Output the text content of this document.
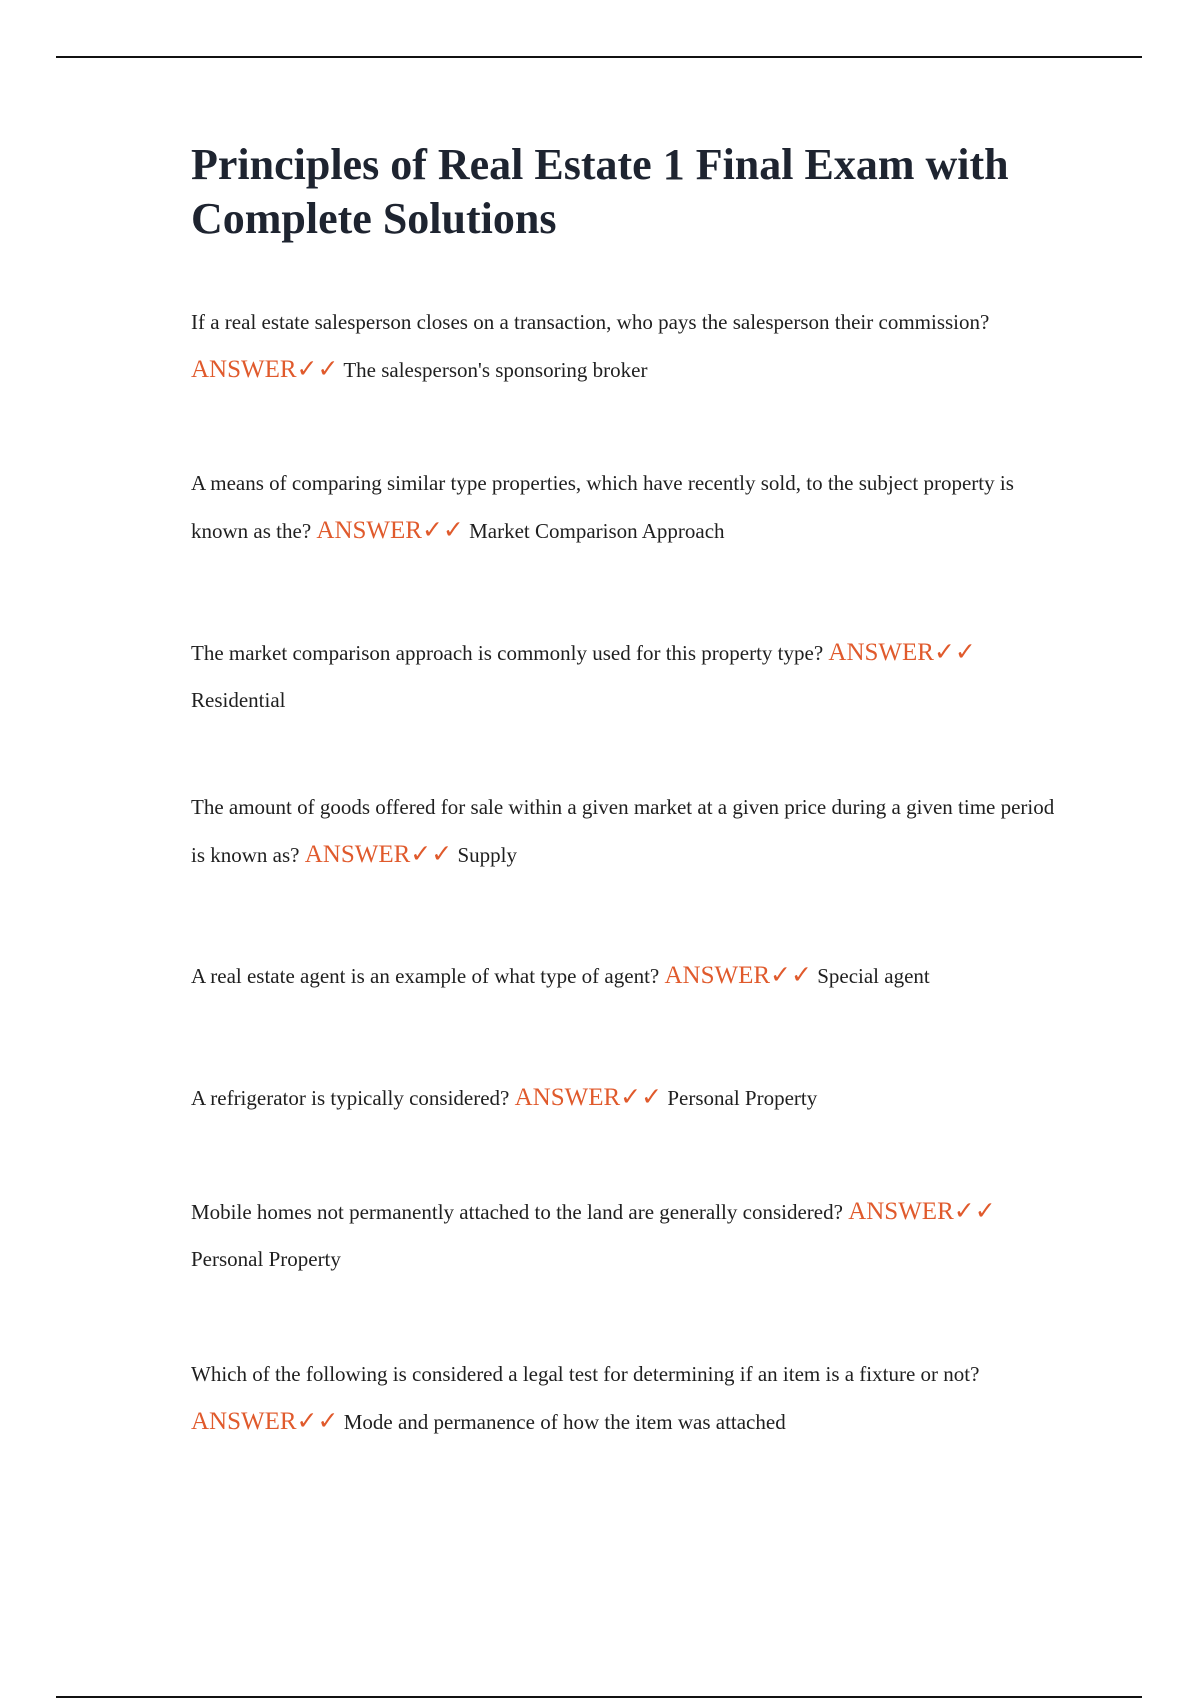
Principles of Real Estate 1 Final Exam with Complete Solutions

If a real estate salesperson closes on a transaction, who pays the salesperson their commission? ANSWER✓✓ The salesperson's sponsoring broker

A means of comparing similar type properties, which have recently sold, to the subject property is known as the? ANSWER✓✓ Market Comparison Approach

The market comparison approach is commonly used for this property type? ANSWER✓✓ Residential

The amount of goods offered for sale within a given market at a given price during a given time period is known as? ANSWER✓✓ Supply

A real estate agent is an example of what type of agent? ANSWER✓✓ Special agent

A refrigerator is typically considered? ANSWER✓✓ Personal Property

Mobile homes not permanently attached to the land are generally considered? ANSWER✓✓ Personal Property

Which of the following is considered a legal test for determining if an item is a fixture or not? ANSWER✓✓ Mode and permanence of how the item was attached
